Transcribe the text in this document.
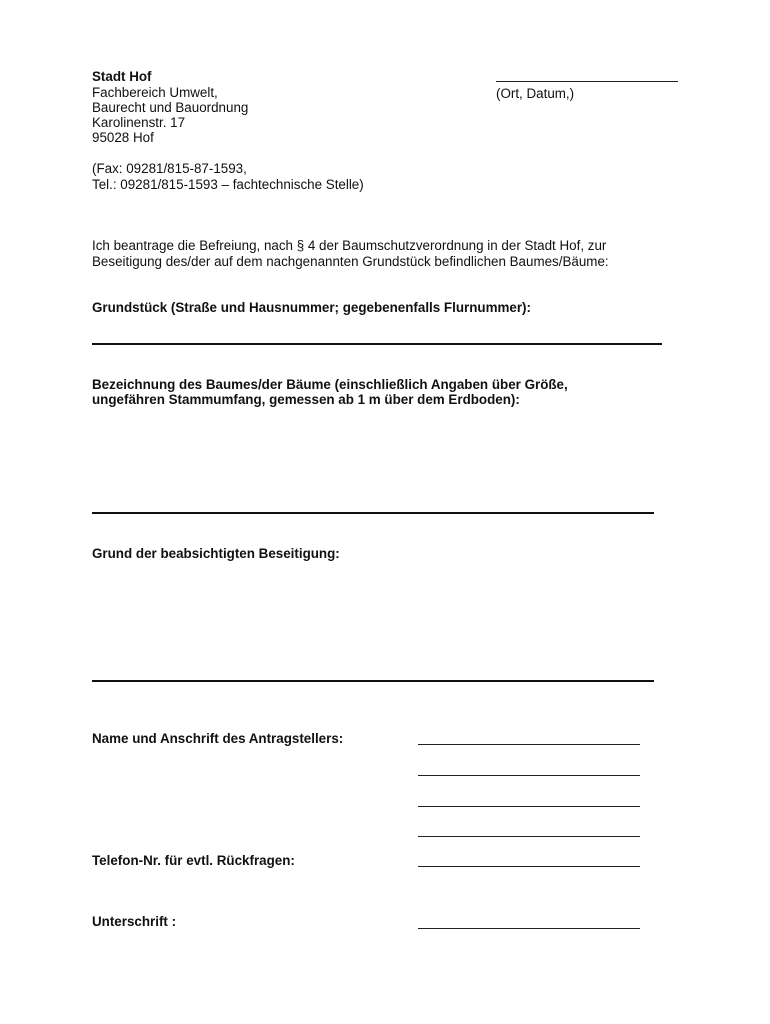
Stadt Hof
Fachbereich Umwelt,
Baurecht und Bauordnung
Karolinenstr. 17
95028 Hof
(Fax: 09281/815-87-1593,
Tel.: 09281/815-1593 – fachtechnische Stelle)
(Ort, Datum,)
Ich beantrage die Befreiung, nach § 4 der Baumschutzverordnung in der Stadt Hof, zur
Beseitigung des/der auf dem nachgenannten Grundstück befindlichen Baumes/Bäume:
Grundstück (Straße und Hausnummer; gegebenenfalls Flurnummer):
Bezeichnung des Baumes/der Bäume (einschließlich Angaben über Größe,
ungefähren Stammumfang, gemessen ab 1 m über dem Erdboden):
Grund der beabsichtigten Beseitigung:
Name und Anschrift des Antragstellers:
Telefon-Nr. für evtl. Rückfragen:
Unterschrift :
